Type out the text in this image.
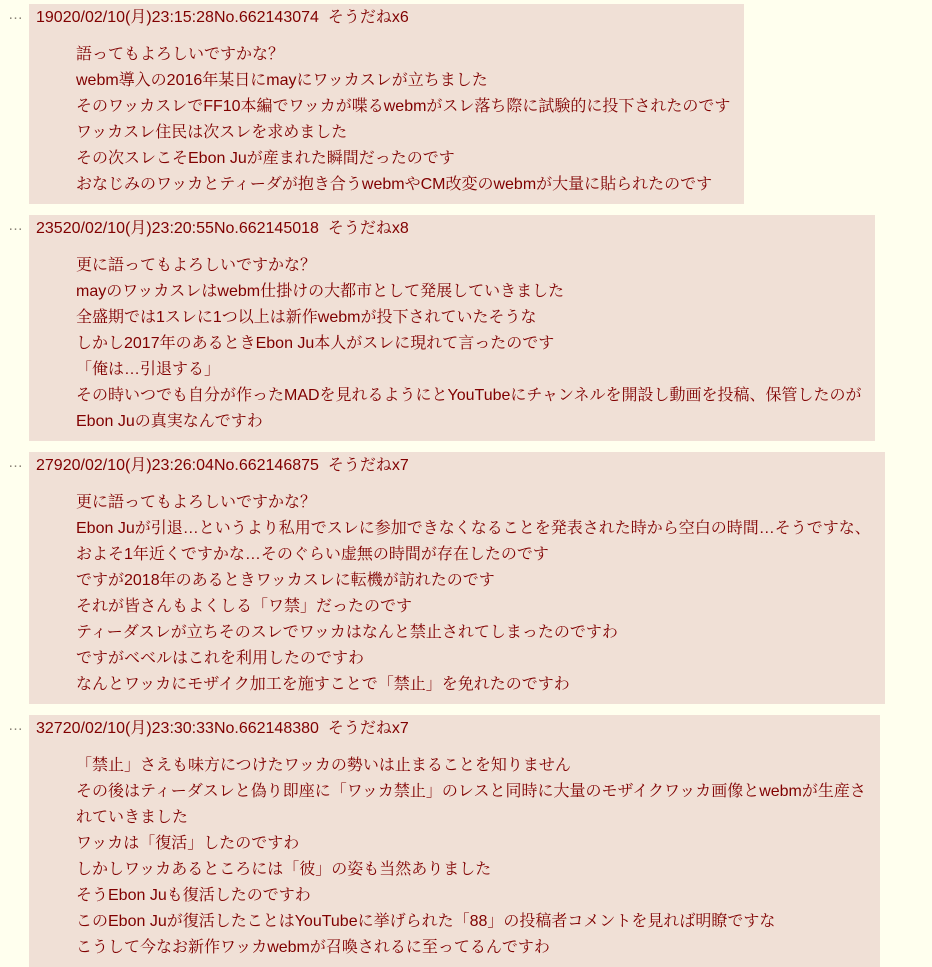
… 19020/02/10(月)23:15:28No.662143074 そうだねx6
語ってもよろしいですかな？
webm導入の2016年某日にmayにワッカスレが立ちました
そのワッカスレでFF10本編でワッカが喋るwebmがスレ落ち際に試験的に投下されたのです
ワッカスレ住民は次スレを求めました
その次スレこそEbon Juが産まれた瞬間だったのです
おなじみのワッカとティーダが抱き合うwebmやCM改変のwebmが大量に貼られたのです
… 23520/02/10(月)23:20:55No.662145018 そうだねx8
更に語ってもよろしいですかな？
mayのワッカスレはwebm仕掛けの大都市として発展していきました
全盛期では1スレに1つ以上は新作webmが投下されていたそうな
しかし2017年のあるときEbon Ju本人がスレに現れて言ったのです
「俺は…引退する」
その時いつでも自分が作ったMADを見れるようにとYouTubeにチャンネルを開設し動画を投稿、保管したのが
Ebon Juの真実なんですわ
… 27920/02/10(月)23:26:04No.662146875 そうだねx7
更に語ってもよろしいですかな？
Ebon Juが引退…というより私用でスレに参加できなくなることを発表された時から空白の時間…そうですな、
およそ1年近くですかな…そのぐらい虚無の時間が存在したのです
ですが2018年のあるときワッカスレに転機が訪れたのです
それが皆さんもよくしる「ワ禁」だったのです
ティーダスレが立ちそのスレでワッカはなんと禁止されてしまったのですわ
ですがベベルはこれを利用したのですわ
なんとワッカにモザイク加工を施すことで「禁止」を免れたのですわ
… 32720/02/10(月)23:30:33No.662148380 そうだねx7
「禁止」さえも味方につけたワッカの勢いは止まることを知りません
その後はティーダスレと偽り即座に「ワッカ禁止」のレスと同時に大量のモザイクワッカ画像とwebmが生産さ
れていきました
ワッカは「復活」したのですわ
しかしワッカあるところには「彼」の姿も当然ありました
そうEbon Juも復活したのですわ
このEbon Juが復活したことはYouTubeに挙げられた「88」の投稿者コメントを見れば明瞭ですな
こうして今なお新作ワッカwebmが召喚されるに至ってるんですわ
